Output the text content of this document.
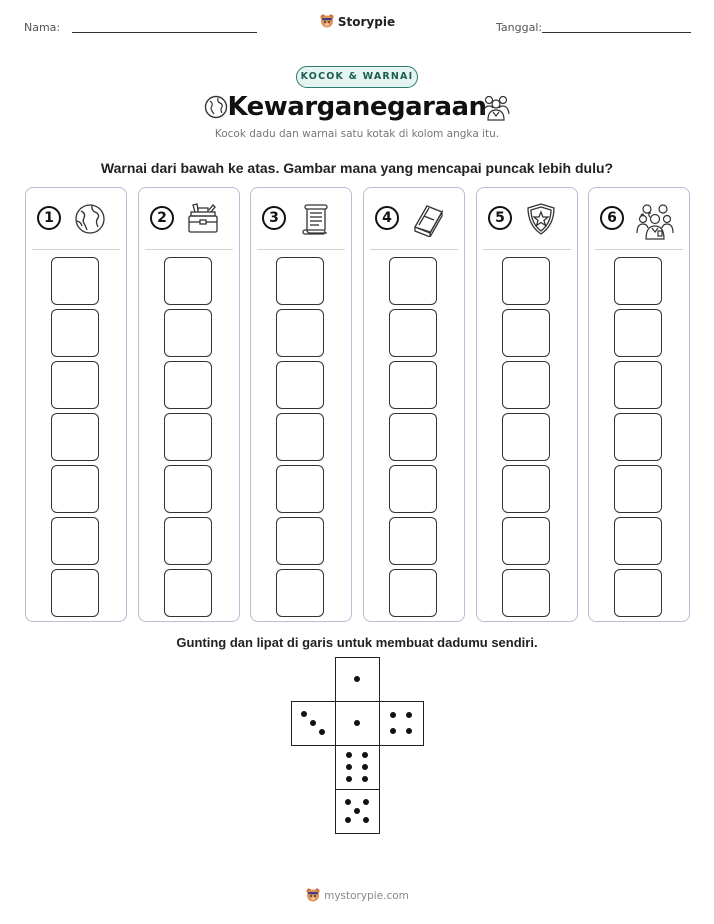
Nama:	Storypie	Tanggal:
KOCOK & WARNAI
Kewarganegaraan
Kocok dadu dan warnai satu kotak di kolom angka itu.
Warnai dari bawah ke atas. Gambar mana yang mencapai puncak lebih dulu?
1	2	3	4	5	6
Gunting dan lipat di garis untuk membuat dadumu sendiri.
mystorypie.com
